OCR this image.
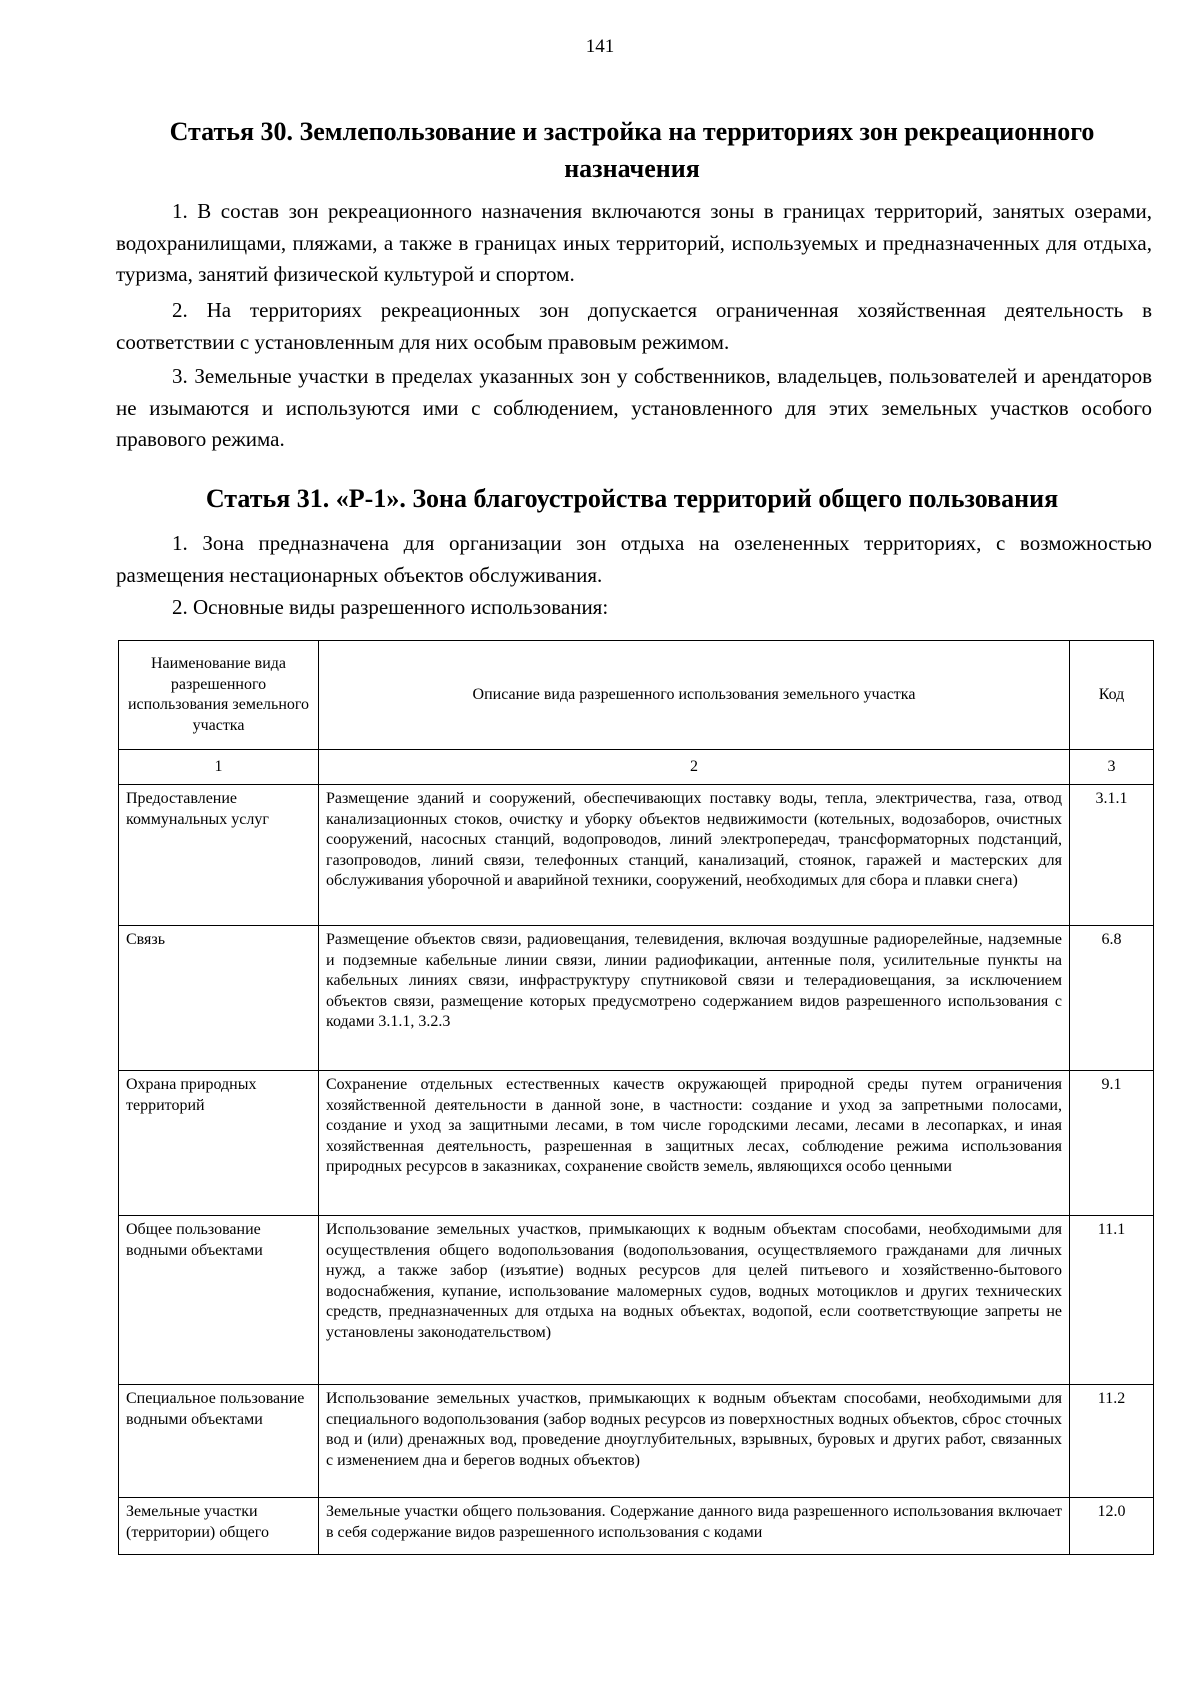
141
Статья 30. Землепользование и застройка на территориях зон рекреационного назначения

1. В состав зон рекреационного назначения включаются зоны в границах территорий, занятых озерами, водохранилищами, пляжами, а также в границах иных территорий, используемых и предназначенных для отдыха, туризма, занятий физической культурой и спортом.

2. На территориях рекреационных зон допускается ограниченная хозяйственная деятельность в соответствии с установленным для них особым правовым режимом.

3. Земельные участки в пределах указанных зон у собственников, владельцев, пользователей и арендаторов не изымаются и используются ими с соблюдением, установленного для этих земельных участков особого правового режима.

Статья 31. «Р-1». Зона благоустройства территорий общего пользования

1. Зона предназначена для организации зон отдыха на озелененных территориях, с возможностью размещения нестационарных объектов обслуживания.

2. Основные виды разрешенного использования:

Наименование вида разрешенного использования земельного участка	Описание вида разрешенного использования земельного участка	Код
1	2	3
Предоставление коммунальных услуг	Размещение зданий и сооружений, обеспечивающих поставку воды, тепла, электричества, газа, отвод канализационных стоков, очистку и уборку объектов недвижимости (котельных, водозаборов, очистных сооружений, насосных станций, водопроводов, линий электропередач, трансформаторных подстанций, газопроводов, линий связи, телефонных станций, канализаций, стоянок, гаражей и мастерских для обслуживания уборочной и аварийной техники, сооружений, необходимых для сбора и плавки снега)	3.1.1
Связь	Размещение объектов связи, радиовещания, телевидения, включая воздушные радиорелейные, надземные и подземные кабельные линии связи, линии радиофикации, антенные поля, усилительные пункты на кабельных линиях связи, инфраструктуру спутниковой связи и телерадиовещания, за исключением объектов связи, размещение которых предусмотрено содержанием видов разрешенного использования с кодами 3.1.1, 3.2.3	6.8
Охрана природных территорий	Сохранение отдельных естественных качеств окружающей природной среды путем ограничения хозяйственной деятельности в данной зоне, в частности: создание и уход за запретными полосами, создание и уход за защитными лесами, в том числе городскими лесами, лесами в лесопарках, и иная хозяйственная деятельность, разрешенная в защитных лесах, соблюдение режима использования природных ресурсов в заказниках, сохранение свойств земель, являющихся особо ценными	9.1
Общее пользование водными объектами	Использование земельных участков, примыкающих к водным объектам способами, необходимыми для осуществления общего водопользования (водопользования, осуществляемого гражданами для личных нужд, а также забор (изъятие) водных ресурсов для целей питьевого и хозяйственно-бытового водоснабжения, купание, использование маломерных судов, водных мотоциклов и других технических средств, предназначенных для отдыха на водных объектах, водопой, если соответствующие запреты не установлены законодательством)	11.1
Специальное пользование водными объектами	Использование земельных участков, примыкающих к водным объектам способами, необходимыми для специального водопользования (забор водных ресурсов из поверхностных водных объектов, сброс сточных вод и (или) дренажных вод, проведение дноуглубительных, взрывных, буровых и других работ, связанных с изменением дна и берегов водных объектов)	11.2
Земельные участки (территории) общего	Земельные участки общего пользования. Содержание данного вида разрешенного использования включает в себя содержание видов разрешенного использования с кодами	12.0
